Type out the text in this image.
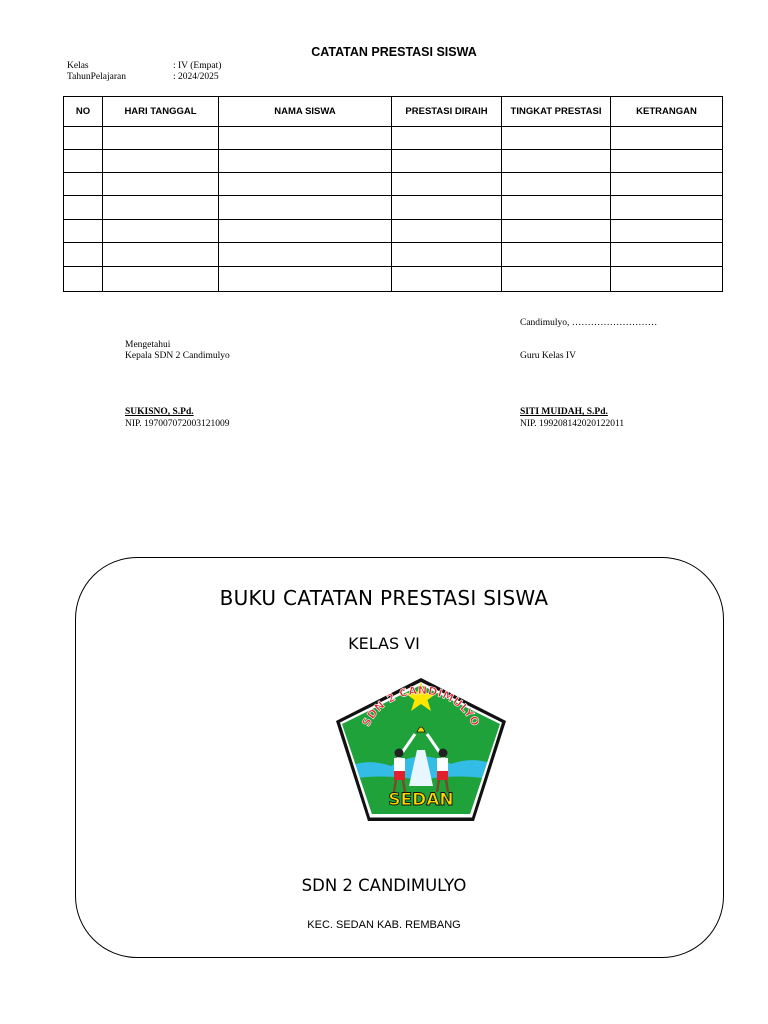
CATATAN PRESTASI SISWA
Kelas	: IV (Empat)
TahunPelajaran	: 2024/2025
NO	HARI TANGGAL	NAMA SISWA	PRESTASI DIRAIH	TINGKAT PRESTASI	KETRANGAN

Candimulyo, ………………………
Mengetahui
Kepala SDN 2 Candimulyo	Guru Kelas IV
SUKISNO, S.Pd.
NIP. 197007072003121009
SITI MUIDAH, S.Pd.
NIP. 199208142020122011
BUKU CATATAN PRESTASI SISWA
KELAS VI
SDN 2 CANDIMULYO
SEDAN
SDN 2 CANDIMULYO
KEC. SEDAN KAB. REMBANG
